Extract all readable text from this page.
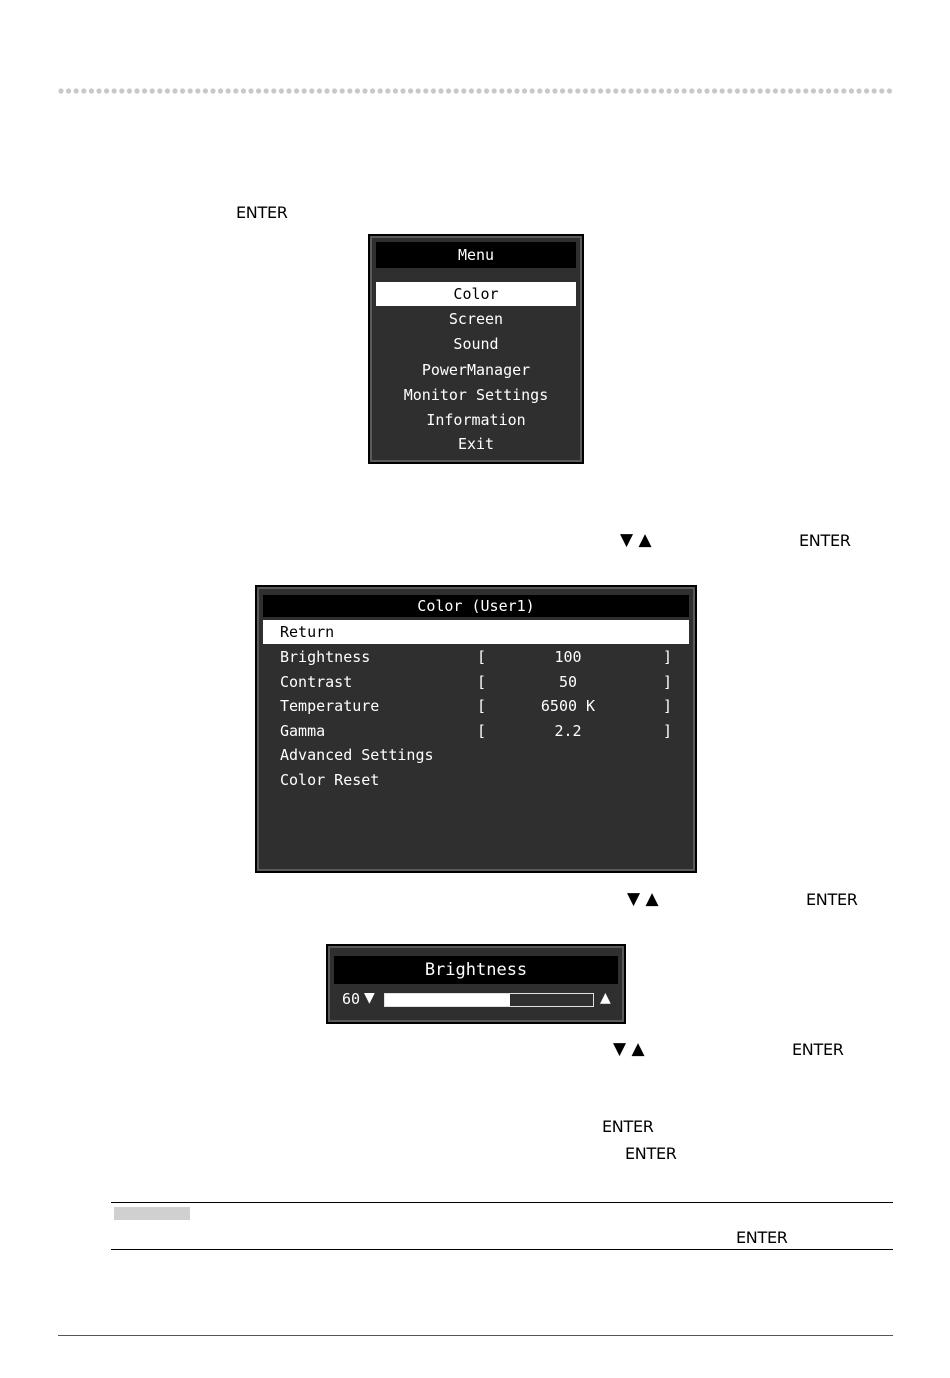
ENTER
Menu
Color
Screen
Sound
PowerManager
Monitor Settings
Information
Exit
▼ ▲	ENTER
Color (User1)
Return
Brightness	[	100	]
Contrast	[	50	]
Temperature	[	6500 K	]
Gamma	[	2.2	]
Advanced Settings
Color Reset
▼ ▲	ENTER
Brightness
60 ▼	▲
▼ ▲	ENTER
ENTER
ENTER
ENTER
